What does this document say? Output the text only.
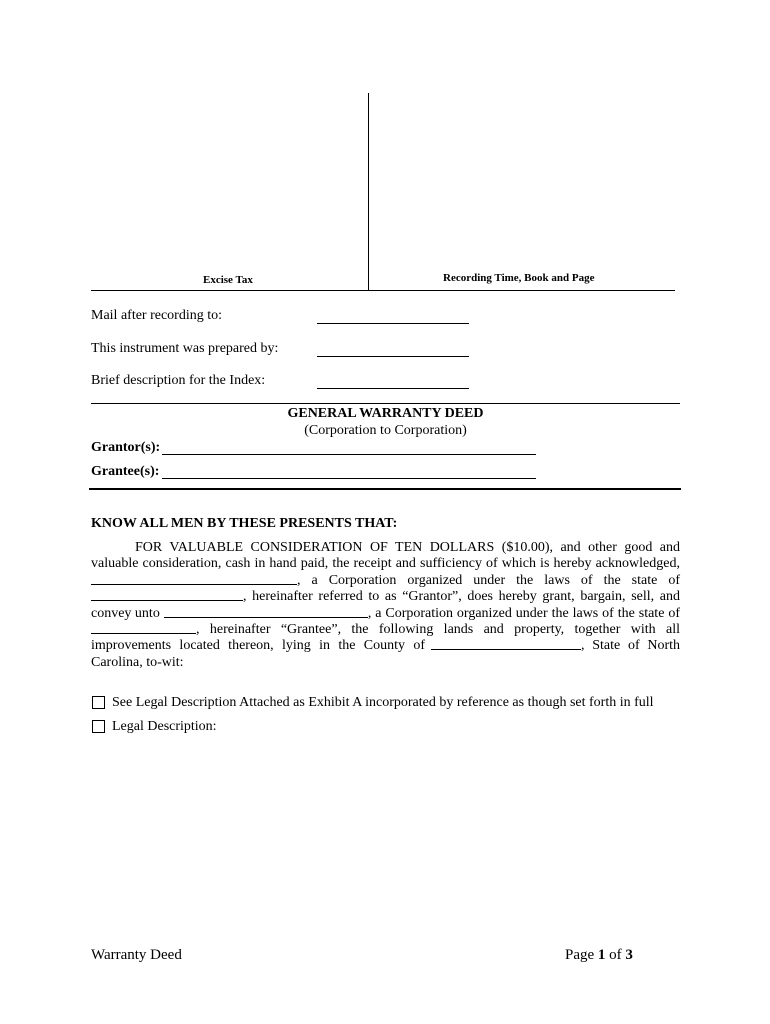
Excise Tax	Recording Time, Book and Page
Mail after recording to:
This instrument was prepared by:
Brief description for the Index:
GENERAL WARRANTY DEED
(Corporation to Corporation)
Grantor(s):
Grantee(s):
KNOW ALL MEN BY THESE PRESENTS THAT:
FOR VALUABLE CONSIDERATION OF TEN DOLLARS ($10.00), and other good and
valuable consideration, cash in hand paid, the receipt and sufficiency of which is hereby acknowledged,
, a Corporation organized under the laws of the state of
, hereinafter referred to as “Grantor”, does hereby grant, bargain, sell, and
convey unto	, a Corporation organized under the laws of the state of
, hereinafter “Grantee”, the following lands and property, together with all
improvements located thereon, lying in the County of	, State of North
Carolina, to-wit:
See Legal Description Attached as Exhibit A incorporated by reference as though set forth in full
Legal Description:
Warranty Deed	Page 1 of 3
